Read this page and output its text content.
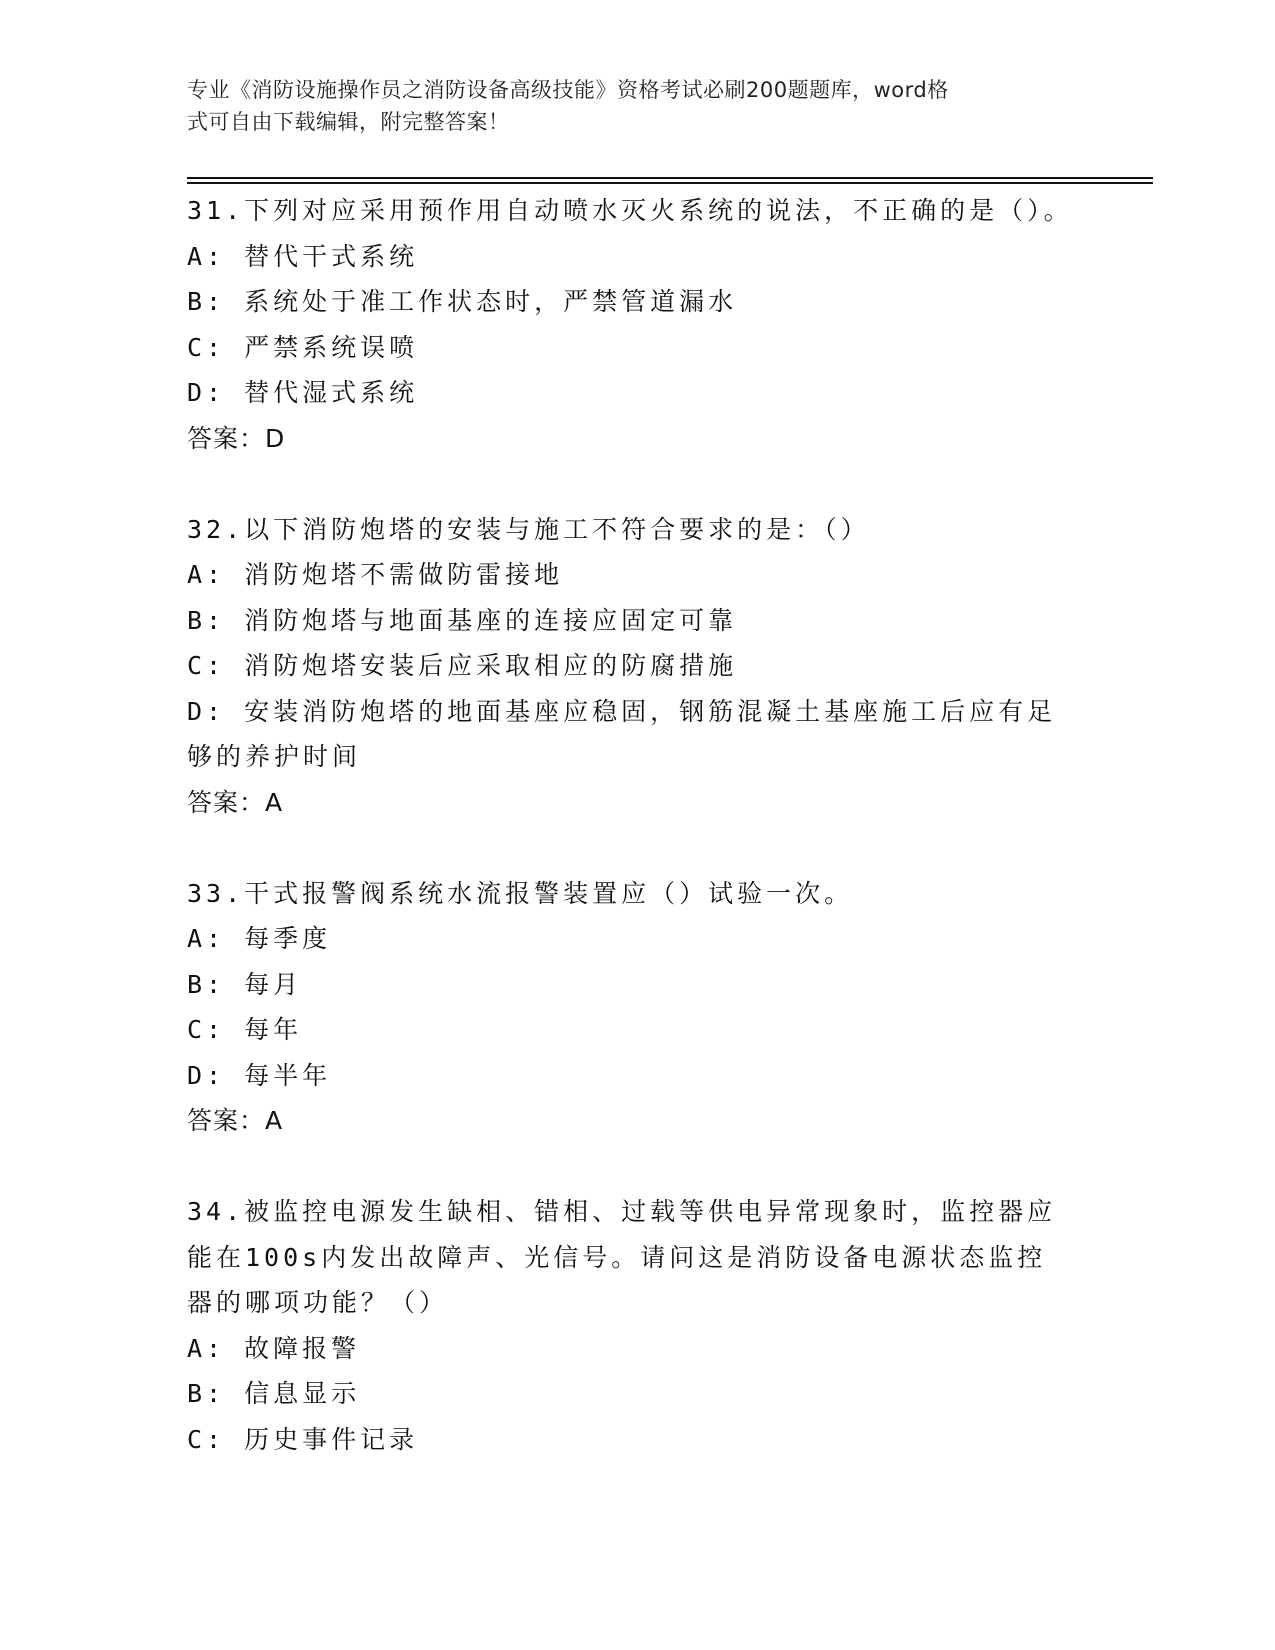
专业《消防设施操作员之消防设备高级技能》资格考试必刷200题题库，word格
式可自由下载编辑，附完整答案！
31.下列对应采用预作用自动喷水灭火系统的说法，不正确的是（）。
A: 替代干式系统
B: 系统处于准工作状态时，严禁管道漏水
C: 严禁系统误喷
D: 替代湿式系统
答案：D
32.以下消防炮塔的安装与施工不符合要求的是：（）
A: 消防炮塔不需做防雷接地
B: 消防炮塔与地面基座的连接应固定可靠
C: 消防炮塔安装后应采取相应的防腐措施
D: 安装消防炮塔的地面基座应稳固，钢筋混凝土基座施工后应有足够的养护时间
答案：A
33.干式报警阀系统水流报警装置应（）试验一次。
A: 每季度
B: 每月
C: 每年
D: 每半年
答案：A
34.被监控电源发生缺相、错相、过载等供电异常现象时，监控器应能在100s内发出故障声、光信号。请问这是消防设备电源状态监控器的哪项功能？（）
A: 故障报警
B: 信息显示
C: 历史事件记录
